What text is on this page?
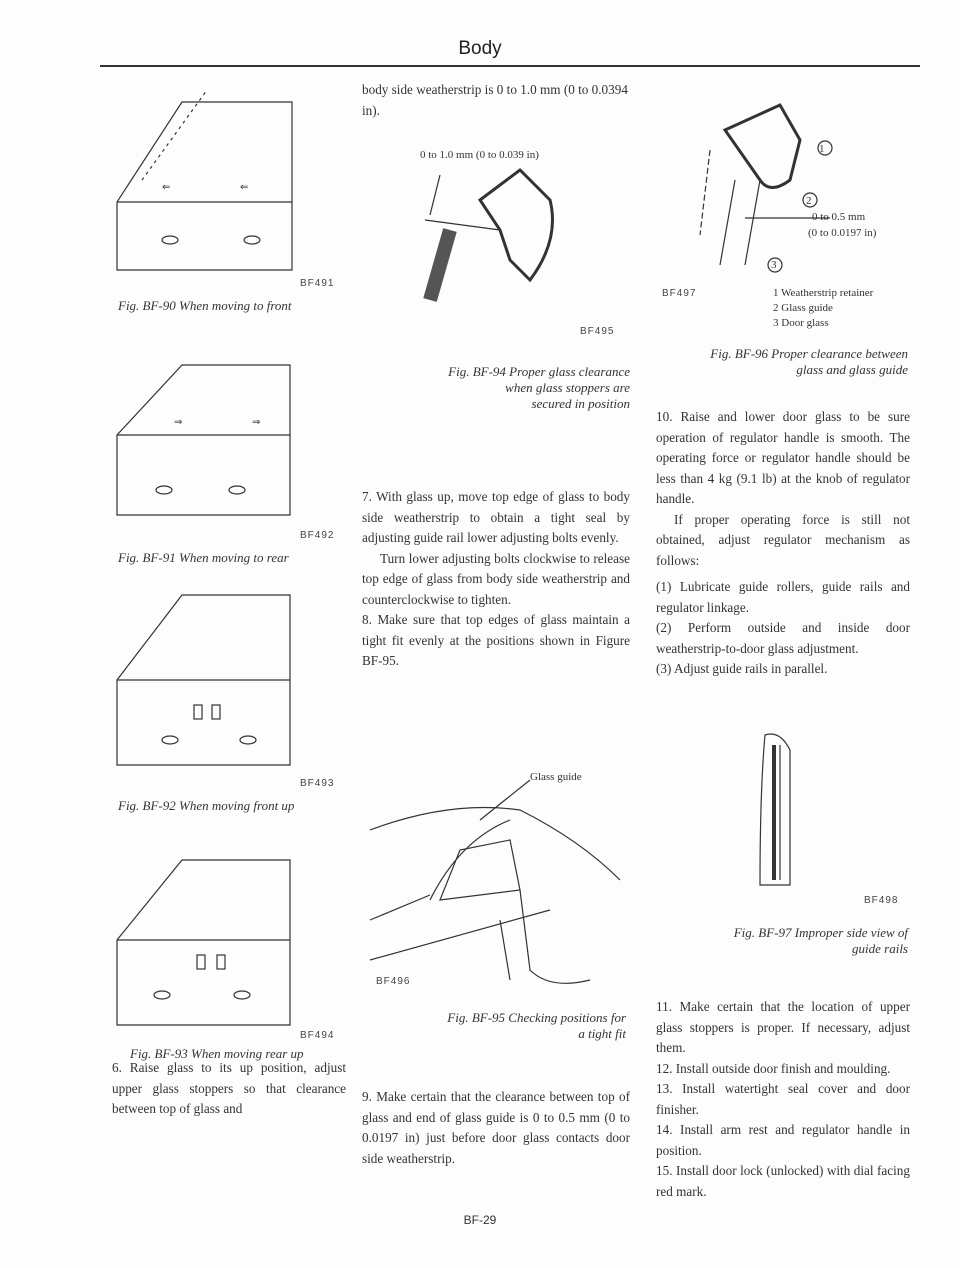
Body
⇐	⇐
BF491
Fig. BF-90 When moving to front
⇒	⇒
BF492
Fig. BF-91 When moving to rear
BF493
Fig. BF-92 When moving front up
BF494
Fig. BF-93 When moving rear up

6. Raise glass to its up position, adjust upper glass stoppers so that clearance between top of glass and

body side weatherstrip is 0 to 1.0 mm (0 to 0.0394 in).

0 to 1.0 mm (0 to 0.039 in)
BF495
Fig. BF-94 Proper glass clearance
when glass stoppers are
secured in position

7. With glass up, move top edge of glass to body side weatherstrip to obtain a tight seal by adjusting guide rail lower adjusting bolts evenly.

Turn lower adjusting bolts clockwise to release top edge of glass from body side weatherstrip and counterclockwise to tighten.

8. Make sure that top edges of glass maintain a tight fit evenly at the positions shown in Figure BF-95.

Glass guide
BF496
Fig. BF-95 Checking positions for
a tight fit

9. Make certain that the clearance between top of glass and end of glass guide is 0 to 0.5 mm (0 to 0.0197 in) just before door glass contacts door side weatherstrip.

BF-29
1
2
3
0 to 0.5 mm
(0 to 0.0197 in)
BF497	1 Weatherstrip retainer
2 Glass guide
3 Door glass
Fig. BF-96 Proper clearance between
glass and glass guide

10. Raise and lower door glass to be sure operation of regulator handle is smooth. The operating force or regulator handle should be less than 4 kg (9.1 lb) at the knob of regulator handle.

If proper operating force is still not obtained, adjust regulator mechanism as follows:

(1) Lubricate guide rollers, guide rails and regulator linkage.

(2) Perform outside and inside door weatherstrip-to-door glass adjustment.

(3) Adjust guide rails in parallel.

BF498
Fig. BF-97 Improper side view of
guide rails

11. Make certain that the location of upper glass stoppers is proper. If necessary, adjust them.

12. Install outside door finish and moulding.

13. Install watertight seal cover and door finisher.

14. Install arm rest and regulator handle in position.

15. Install door lock (unlocked) with dial facing red mark.
